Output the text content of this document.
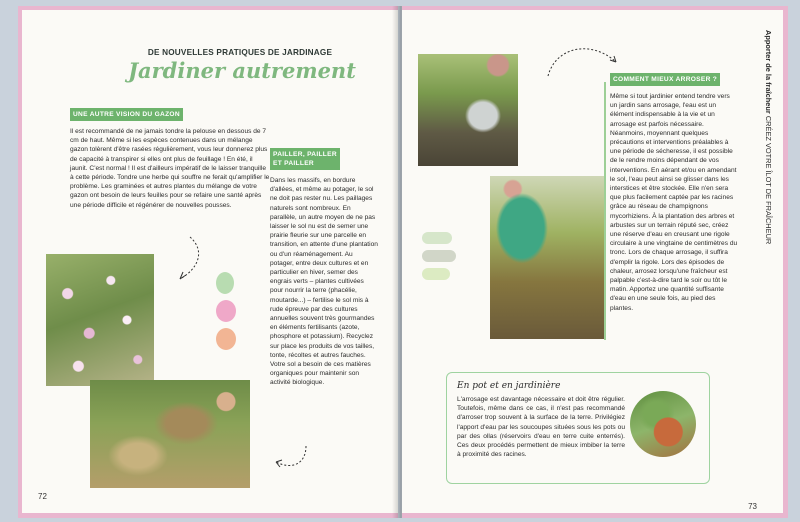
DE NOUVELLES PRATIQUES DE JARDINAGE
Jardiner autrement
UNE AUTRE VISION DU GAZON

Il est recommandé de ne jamais tondre la pelouse en dessous de 7 cm de haut. Même si les espèces contenues dans un mélange gazon tolèrent d'être rasées régulièrement, vous leur donnerez plus de capacité à transpirer si elles ont plus de feuillage ! En été, il jaunit. C'est normal ! Il est d'ailleurs impératif de le laisser tranquille à cette période. Tondre une herbe qui souffre ne ferait qu'amplifier le problème. Les graminées et autres plantes du mélange de votre gazon ont besoin de leurs feuilles pour se refaire une santé après une période difficile et régénérer de nouvelles pousses.

PAILLER, PAILLER ET PAILLER

Dans les massifs, en bordure d'allées, et même au potager, le sol ne doit pas rester nu. Les paillages naturels sont nombreux. En parallèle, un autre moyen de ne pas laisser le sol nu est de semer une prairie fleurie sur une parcelle en transition, en attente d'une plantation ou d'un réaménagement. Au potager, entre deux cultures et en particulier en hiver, semer des engrais verts – plantes cultivées pour nourrir la terre (phacélie, moutarde...) – fertilise le sol mis à rude épreuve par des cultures annuelles souvent très gourmandes en éléments fertilisants (azote, phosphore et potassium). Recyclez sur place les produits de vos tailles, tonte, récoltes et autres fauches. Votre sol a besoin de ces matières organiques pour maintenir son activité biologique.

72
COMMENT MIEUX ARROSER ?

Même si tout jardinier entend tendre vers un jardin sans arrosage, l'eau est un élément indispensable à la vie et un arrosage est parfois nécessaire. Néanmoins, moyennant quelques précautions et interventions préalables à une période de sécheresse, il est possible de le rendre moins dépendant de vos interventions. En aérant et/ou en amendant le sol, l'eau peut ainsi se glisser dans les interstices et être stockée. Elle n'en sera que plus facilement captée par les racines grâce au réseau de champignons mycorhiziens. À la plantation des arbres et arbustes sur un terrain réputé sec, créez une réserve d'eau en creusant une rigole circulaire à une vingtaine de centimètres du tronc. Lors de chaque arrosage, il suffira d'emplir la rigole. Lors des épisodes de chaleur, arrosez lorsqu'une fraîcheur est palpable c'est-à-dire tard le soir ou tôt le matin. Apportez une quantité suffisante d'eau en une seule fois, au pied des plantes.

Apporter de la fraîcheur CRÉEZ VOTRE ÎLOT DE FRAÎCHEUR
En pot et en jardinière

L'arrosage est davantage nécessaire et doit être régulier. Toutefois, même dans ce cas, il n'est pas recommandé d'arroser trop souvent à la surface de la terre. Privilégiez l'apport d'eau par les soucoupes situées sous les pots ou par des ollas (réservoirs d'eau en terre cuite enterrés). Ces deux procédés permettent de mieux imbiber la terre à proximité des racines.

73
